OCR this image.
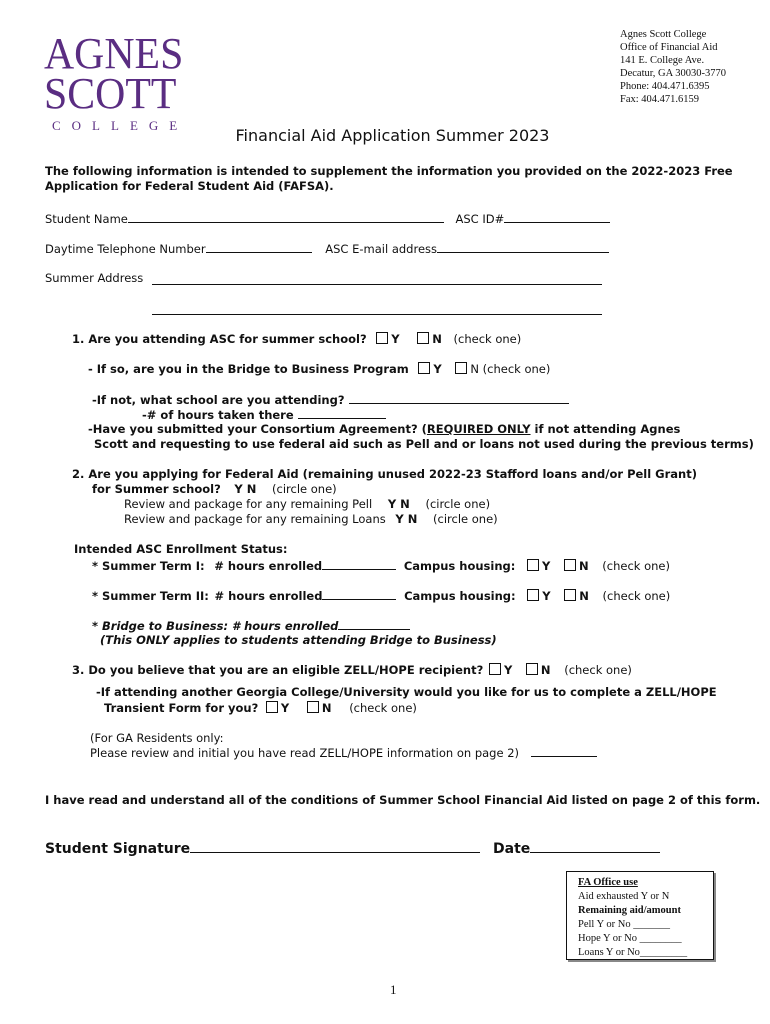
AGNES
SCOTT
COLLEGE
Agnes Scott College
Office of Financial Aid
141 E. College Ave.
Decatur, GA 30030-3770
Phone: 404.471.6395
Fax: 404.471.6159
Financial Aid Application Summer 2023
The following information is intended to supplement the information you provided on the 2022-2023 Free
Application for Federal Student Aid (FAFSA).
Student Name	ASC ID#
Daytime Telephone Number	ASC E-mail address
Summer Address
1. Are you attending ASC for summer school? Y	N (check one)
- If so, are you in the Bridge to Business Program Y N (check one)
-If not, what school are you attending?
-# of hours taken there
-Have you submitted your Consortium Agreement? (REQUIRED ONLY if not attending Agnes
Scott and requesting to use federal aid such as Pell and or loans not used during the previous terms)
2. Are you applying for Federal Aid (remaining unused 2022-23 Stafford loans and/or Pell Grant)
for Summer school? Y N (circle one)
Review and package for any remaining Pell Y N (circle one)
Review and package for any remaining Loans Y N (circle one)
Intended ASC Enrollment Status:
* Summer Term I: # hours enrolled	Campus housing: Y N (check one)
* Summer Term II: # hours enrolled	Campus housing: Y N (check one)
* Bridge to Business: # hours enrolled
(This ONLY applies to students attending Bridge to Business)
3. Do you believe that you are an eligible ZELL/HOPE recipient? Y N (check one)
-If attending another Georgia College/University would you like for us to complete a ZELL/HOPE
Transient Form for you? Y	N (check one)
(For GA Residents only:
Please review and initial you have read ZELL/HOPE information on page 2)
I have read and understand all of the conditions of Summer School Financial Aid listed on page 2 of this form.
Student Signature	Date
FA Office use
Aid exhausted Y or N
Remaining aid/amount
Pell Y or No _______
Hope Y or No ________
Loans Y or No_________
1
